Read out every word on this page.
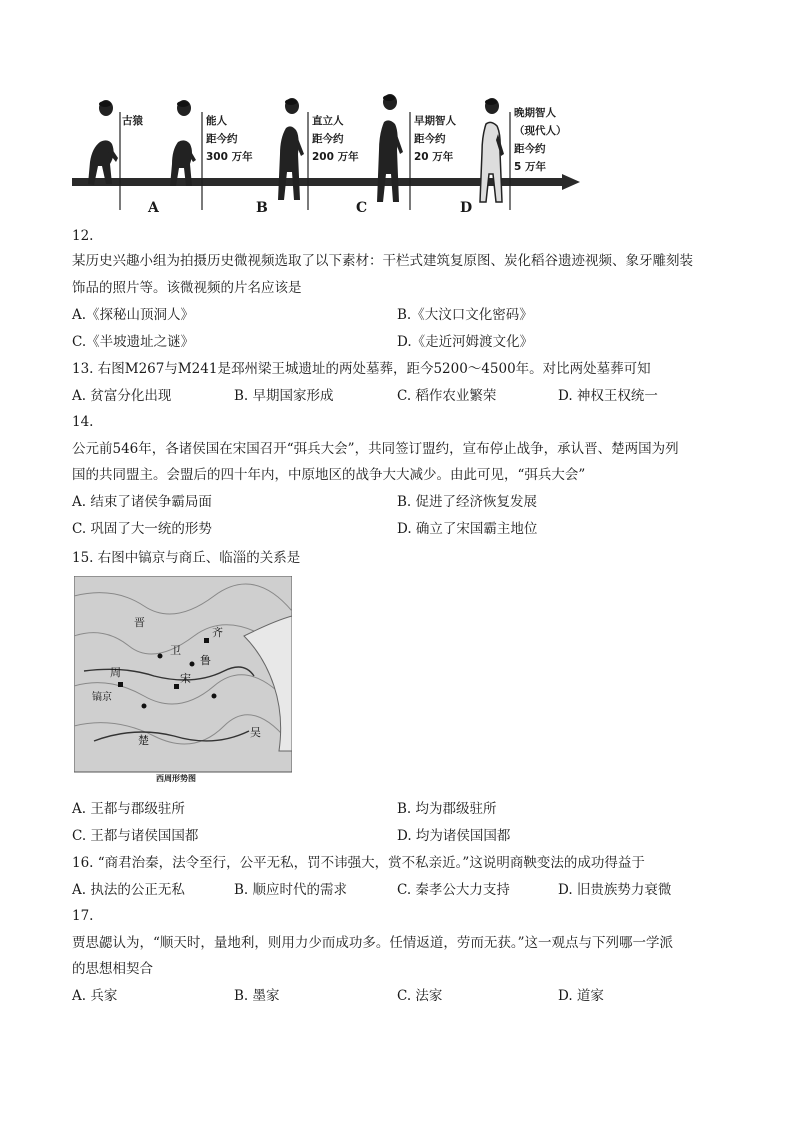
古猿	能人
距今约
300 万年
直立人
距今约
200 万年
早期智人
距今约
20 万年
晚期智人
（现代人）
距今约
5 万年
A	B	C	D
12.
某历史兴趣小组为拍摄历史微视频选取了以下素材：干栏式建筑复原图、炭化稻谷遗迹视频、象牙雕刻装
饰品的照片等。该微视频的片名应该是
A.《探秘山顶洞人》	B.《大汶口文化密码》
C.《半坡遗址之谜》	D.《走近河姆渡文化》
13. 右图M267与M241是邳州梁王城遗址的两处墓葬，距今5200～4500年。对比两处墓葬可知
A. 贫富分化出现	B. 早期国家形成	C. 稻作农业繁荣	D. 神权王权统一
14.
公元前546年，各诸侯国在宋国召开“弭兵大会”，共同签订盟约，宣布停止战争，承认晋、楚两国为列
国的共同盟主。会盟后的四十年内，中原地区的战争大大减少。由此可见，“弭兵大会”
A. 结束了诸侯争霸局面	B. 促进了经济恢复发展
C. 巩固了大一统的形势	D. 确立了宋国霸主地位
15. 右图中镐京与商丘、临淄的关系是
晋
周
镐京
卫
宋
鲁
齐
楚
吴
西周形势图
A. 王都与郡级驻所	B. 均为郡级驻所
C. 王都与诸侯国国都	D. 均为诸侯国国都
16. “商君治秦，法令至行，公平无私，罚不讳强大，赏不私亲近。”这说明商鞅变法的成功得益于
A. 执法的公正无私	B. 顺应时代的需求	C. 秦孝公大力支持	D. 旧贵族势力衰微
17.
贾思勰认为，“顺天时，量地利，则用力少而成功多。任情返道，劳而无获。”这一观点与下列哪一学派
的思想相契合
A. 兵家	B. 墨家	C. 法家	D. 道家
